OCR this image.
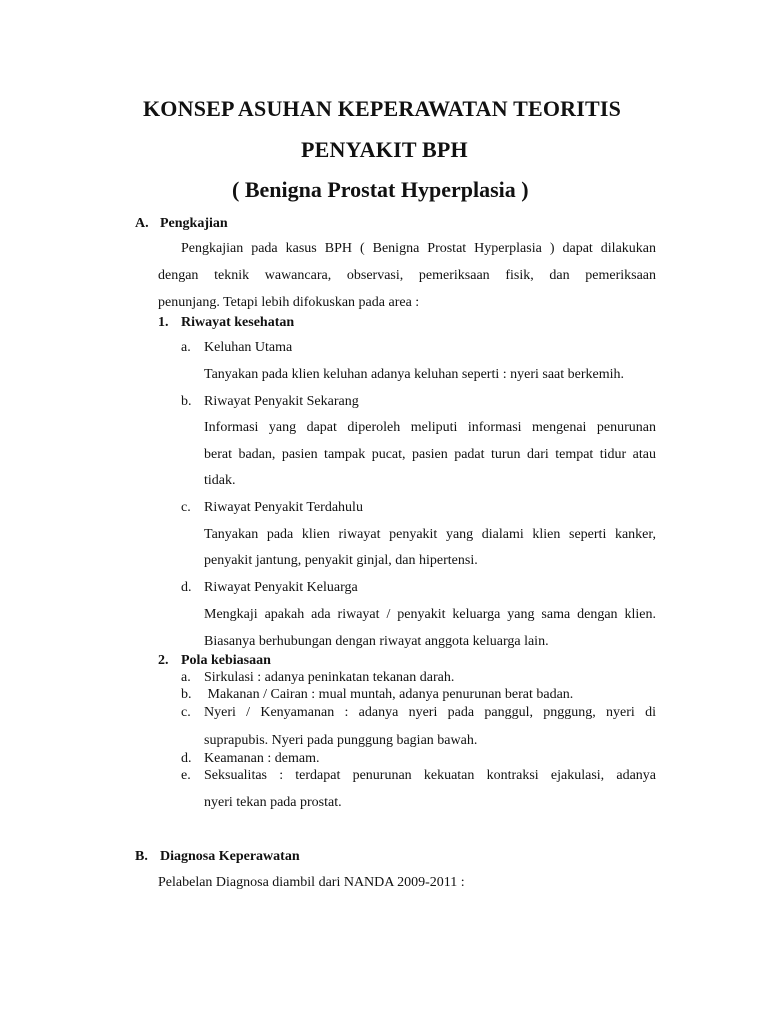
KONSEP ASUHAN KEPERAWATAN TEORITIS
PENYAKIT BPH
( Benigna Prostat Hyperplasia )
A. Pengkajian
Pengkajian pada kasus BPH ( Benigna Prostat Hyperplasia ) dapat dilakukan
dengan teknik wawancara, observasi, pemeriksaan fisik, dan pemeriksaan
penunjang. Tetapi lebih difokuskan pada area :
1. Riwayat kesehatan
a. Keluhan Utama
Tanyakan pada klien keluhan adanya keluhan seperti : nyeri saat berkemih.
b. Riwayat Penyakit Sekarang
Informasi yang dapat diperoleh meliputi informasi mengenai penurunan
berat badan, pasien tampak pucat, pasien padat turun dari tempat tidur atau
tidak.
c. Riwayat Penyakit Terdahulu
Tanyakan pada klien riwayat penyakit yang dialami klien seperti kanker,
penyakit jantung, penyakit ginjal, dan hipertensi.
d. Riwayat Penyakit Keluarga
Mengkaji apakah ada riwayat / penyakit keluarga yang sama dengan klien.
Biasanya berhubungan dengan riwayat anggota keluarga lain.
2. Pola kebiasaan
a. Sirkulasi : adanya peninkatan tekanan darah.
b. Makanan / Cairan : mual muntah, adanya penurunan berat badan.
c. Nyeri / Kenyamanan : adanya nyeri pada panggul, pnggung, nyeri di
suprapubis. Nyeri pada punggung bagian bawah.
d. Keamanan : demam.
e. Seksualitas : terdapat penurunan kekuatan kontraksi ejakulasi, adanya
nyeri tekan pada prostat.
B. Diagnosa Keperawatan
Pelabelan Diagnosa diambil dari NANDA 2009-2011 :
